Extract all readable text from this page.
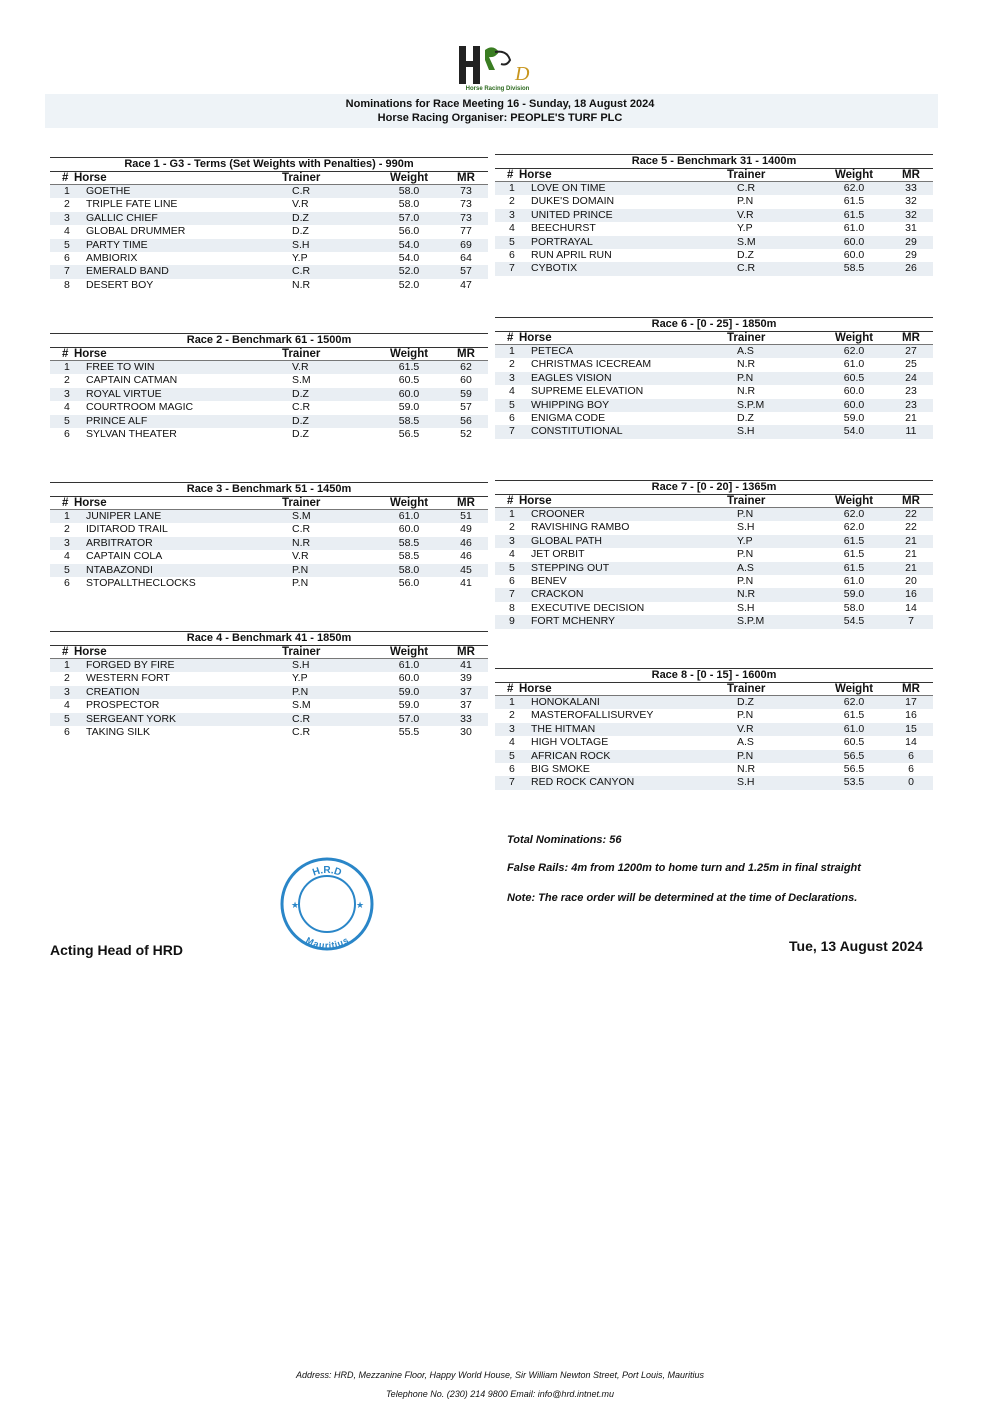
D
Horse Racing Division
Nominations for Race Meeting 16 - Sunday, 18 August 2024
Horse Racing Organiser: PEOPLE'S TURF PLC
Race 1 - G3 - Terms (Set Weights with Penalties) - 990m
# Horse	Trainer	Weight	MR
1	GOETHE	C.R	58.0	73
2	TRIPLE FATE LINE	V.R	58.0	73
3	GALLIC CHIEF	D.Z	57.0	73
4	GLOBAL DRUMMER	D.Z	56.0	77
5	PARTY TIME	S.H	54.0	69
6	AMBIORIX	Y.P	54.0	64
7	EMERALD BAND	C.R	52.0	57
8	DESERT BOY	N.R	52.0	47
Race 2 - Benchmark 61 - 1500m
# Horse	Trainer	Weight	MR
1	FREE TO WIN	V.R	61.5	62
2	CAPTAIN CATMAN	S.M	60.5	60
3	ROYAL VIRTUE	D.Z	60.0	59
4	COURTROOM MAGIC	C.R	59.0	57
5	PRINCE ALF	D.Z	58.5	56
6	SYLVAN THEATER	D.Z	56.5	52
Race 3 - Benchmark 51 - 1450m
# Horse	Trainer	Weight	MR
1	JUNIPER LANE	S.M	61.0	51
2	IDITAROD TRAIL	C.R	60.0	49
3	ARBITRATOR	N.R	58.5	46
4	CAPTAIN COLA	V.R	58.5	46
5	NTABAZONDI	P.N	58.0	45
6	STOPALLTHECLOCKS	P.N	56.0	41
Race 4 - Benchmark 41 - 1850m
# Horse	Trainer	Weight	MR
1	FORGED BY FIRE	S.H	61.0	41
2	WESTERN FORT	Y.P	60.0	39
3	CREATION	P.N	59.0	37
4	PROSPECTOR	S.M	59.0	37
5	SERGEANT YORK	C.R	57.0	33
6	TAKING SILK	C.R	55.5	30
Race 5 - Benchmark 31 - 1400m
# Horse	Trainer	Weight	MR
1	LOVE ON TIME	C.R	62.0	33
2	DUKE'S DOMAIN	P.N	61.5	32
3	UNITED PRINCE	V.R	61.5	32
4	BEECHURST	Y.P	61.0	31
5	PORTRAYAL	S.M	60.0	29
6	RUN APRIL RUN	D.Z	60.0	29
7	CYBOTIX	C.R	58.5	26
Race 6 - [0 - 25] - 1850m
# Horse	Trainer	Weight	MR
1	PETECA	A.S	62.0	27
2	CHRISTMAS ICECREAM	N.R	61.0	25
3	EAGLES VISION	P.N	60.5	24
4	SUPREME ELEVATION	N.R	60.0	23
5	WHIPPING BOY	S.P.M	60.0	23
6	ENIGMA CODE	D.Z	59.0	21
7	CONSTITUTIONAL	S.H	54.0	11
Race 7 - [0 - 20] - 1365m
# Horse	Trainer	Weight	MR
1	CROONER	P.N	62.0	22
2	RAVISHING RAMBO	S.H	62.0	22
3	GLOBAL PATH	Y.P	61.5	21
4	JET ORBIT	P.N	61.5	21
5	STEPPING OUT	A.S	61.5	21
6	BENEV	P.N	61.0	20
7	CRACKON	N.R	59.0	16
8	EXECUTIVE DECISION	S.H	58.0	14
9	FORT MCHENRY	S.P.M	54.5	7
Race 8 - [0 - 15] - 1600m
# Horse	Trainer	Weight	MR
1	HONOKALANI	D.Z	62.0	17
2	MASTEROFALLISURVEY	P.N	61.5	16
3	THE HITMAN	V.R	61.0	15
4	HIGH VOLTAGE	A.S	60.5	14
5	AFRICAN ROCK	P.N	56.5	6
6	BIG SMOKE	N.R	56.5	6
7	RED ROCK CANYON	S.H	53.5	0
Total Nominations: 56
False Rails: 4m from 1200m to home turn and 1.25m in final straight
Note: The race order will be determined at the time of Declarations.
H.R.D
Mauritius
★	★
Acting Head of HRD	Tue, 13 August 2024
Address: HRD, Mezzanine Floor, Happy World House, Sir William Newton Street, Port Louis, Mauritius
Telephone No. (230) 214 9800 Email: info@hrd.intnet.mu
